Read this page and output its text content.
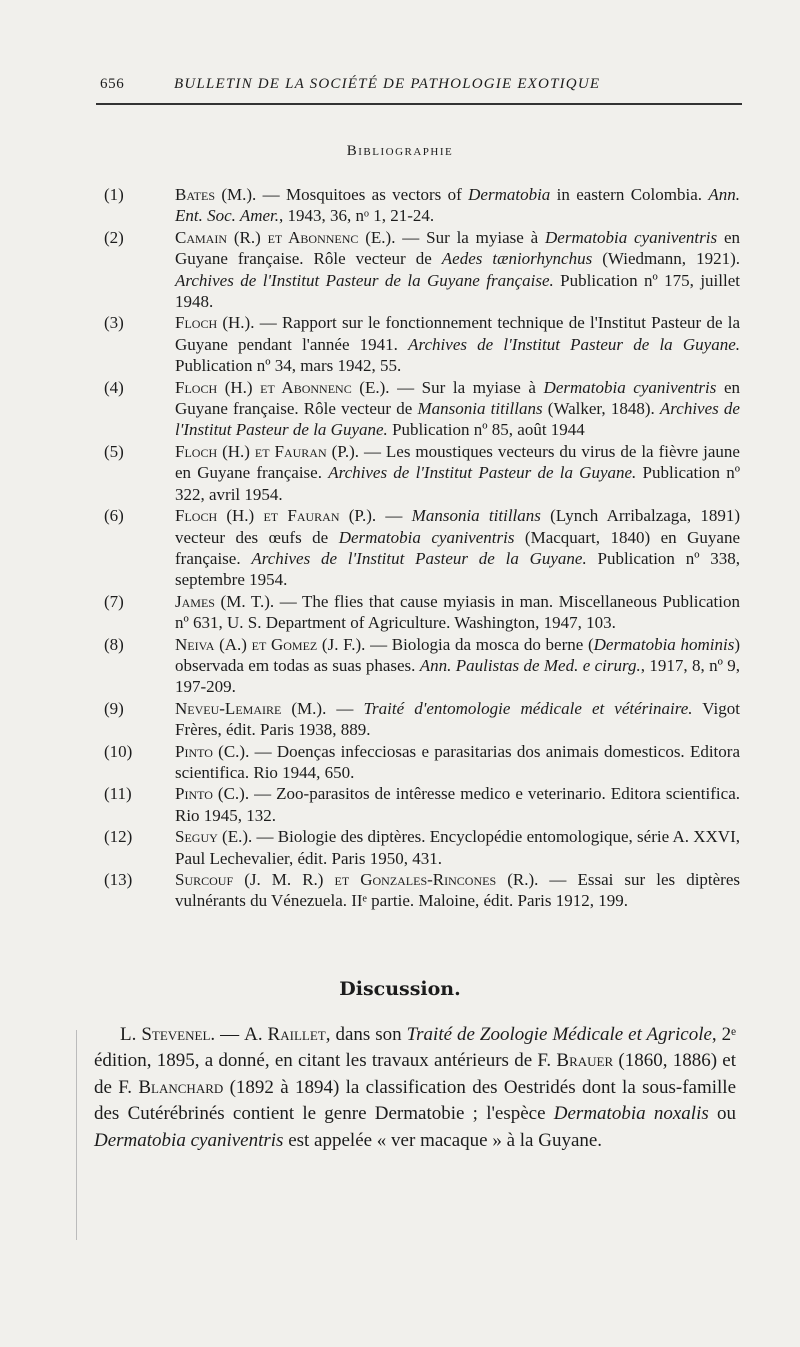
656	BULLETIN DE LA SOCIÉTÉ DE PATHOLOGIE EXOTIQUE
Bibliographie
(1)	Bates (M.). — Mosquitoes as vectors of Dermatobia in eastern Colombia. Ann. Ent. Soc. Amer., 1943, 36, nᵒ 1, 21-24.
(2)	Camain (R.) et Abonnenc (E.). — Sur la myiase à Dermatobia cyaniventris en Guyane française. Rôle vecteur de Aedes tæniorhynchus (Wiedmann, 1921). Archives de l'Institut Pasteur de la Guyane française. Publication nº 175, juillet 1948.
(3)	Floch (H.). — Rapport sur le fonctionnement technique de l'Institut Pasteur de la Guyane pendant l'année 1941. Archives de l'Institut Pasteur de la Guyane. Publication nº 34, mars 1942, 55.
(4)	Floch (H.) et Abonnenc (E.). — Sur la myiase à Dermatobia cyaniventris en Guyane française. Rôle vecteur de Mansonia titillans (Walker, 1848). Archives de l'Institut Pasteur de la Guyane. Publication nº 85, août 1944
(5)	Floch (H.) et Fauran (P.). — Les moustiques vecteurs du virus de la fièvre jaune en Guyane française. Archives de l'Institut Pasteur de la Guyane. Publication nº 322, avril 1954.
(6)	Floch (H.) et Fauran (P.). — Mansonia titillans (Lynch Arribalzaga, 1891) vecteur des œufs de Dermatobia cyaniventris (Macquart, 1840) en Guyane française. Archives de l'Institut Pasteur de la Guyane. Publication nº 338, septembre 1954.
(7)	James (M. T.). — The flies that cause myiasis in man. Miscellaneous Publication nº 631, U. S. Department of Agriculture. Washington, 1947, 103.
(8)	Neiva (A.) et Gomez (J. F.). — Biologia da mosca do berne (Dermatobia hominis) observada em todas as suas phases. Ann. Paulistas de Med. e cirurg., 1917, 8, nº 9, 197-209.
(9)	Neveu-Lemaire (M.). — Traité d'entomologie médicale et vétérinaire. Vigot Frères, édit. Paris 1938, 889.
(10)	Pinto (C.). — Doenças infecciosas e parasitarias dos animais domesticos. Editora scientifica. Rio 1944, 650.
(11)	Pinto (C.). — Zoo-parasitos de intêresse medico e veterinario. Editora scientifica. Rio 1945, 132.
(12)	Seguy (E.). — Biologie des diptères. Encyclopédie entomologique, série A. XXVI, Paul Lechevalier, édit. Paris 1950, 431.
(13)	Surcouf (J. M. R.) et Gonzales-Rincones (R.). — Essai sur les diptères vulnérants du Vénezuela. IIᵉ partie. Maloine, édit. Paris 1912, 199.
Discussion.

L. Stevenel. — A. Raillet, dans son Traité de Zoologie Médicale et Agricole, 2ᵉ édition, 1895, a donné, en citant les travaux antérieurs de F. Brauer (1860, 1886) et de F. Blanchard (1892 à 1894) la classification des Oestridés dont la sous-famille des Cutérébrinés contient le genre Dermatobie ; l'espèce Dermatobia noxalis ou Dermatobia cyaniventris est appelée « ver macaque » à la Guyane.
